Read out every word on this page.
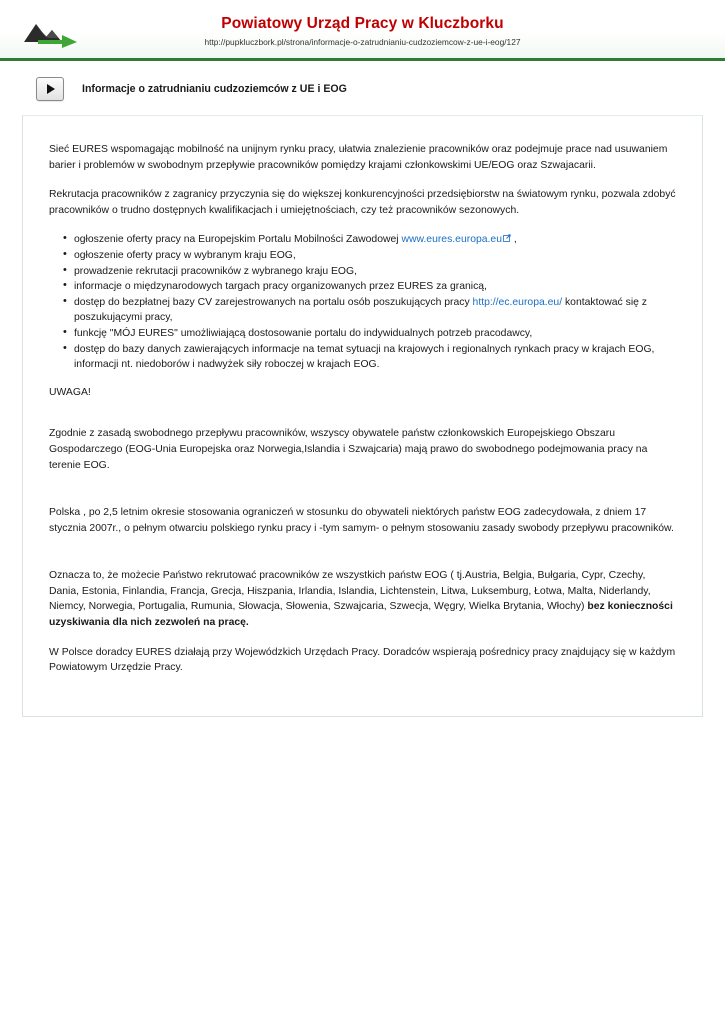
Powiatowy Urząd Pracy w Kluczborku
http://pupkluczbork.pl/strona/informacje-o-zatrudnianiu-cudzoziemcow-z-ue-i-eog/127
Informacje o zatrudnianiu cudzoziemców z UE i EOG

Sieć EURES wspomagając mobilność na unijnym rynku pracy, ułatwia znalezienie pracowników oraz podejmuje prace nad usuwaniem barier i problemów w swobodnym przepływie pracowników pomiędzy krajami członkowskimi UE/EOG oraz Szwajacarii.

Rekrutacja pracowników z zagranicy przyczynia się do większej konkurencyjności przedsiębiorstw na światowym rynku, pozwala zdobyć pracowników o trudno dostępnych kwalifikacjach i umiejętnościach, czy też pracowników sezonowych.

• ogłoszenie oferty pracy na Europejskim Portalu Mobilności Zawodowej www.eures.europa.eu ,
• ogłoszenie oferty pracy w wybranym kraju EOG,
• prowadzenie rekrutacji pracowników z wybranego kraju EOG,
• informacje o międzynarodowych targach pracy organizowanych przez EURES za granicą,
• dostęp do bezpłatnej bazy CV zarejestrowanych na portalu osób poszukujących pracy http://ec.europa.eu/ kontaktować się z poszukującymi pracy,
• funkcję "MÓJ EURES" umożliwiającą dostosowanie portalu do indywidualnych potrzeb pracodawcy,
• dostęp do bazy danych zawierających informacje na temat sytuacji na krajowych i regionalnych rynkach pracy w krajach EOG, informacji nt. niedoborów i nadwyżek siły roboczej w krajach EOG.

UWAGA!

Zgodnie z zasadą swobodnego przepływu pracowników, wszyscy obywatele państw członkowskich Europejskiego Obszaru Gospodarczego (EOG-Unia Europejska oraz Norwegia,Islandia i Szwajcaria) mają prawo do swobodnego podejmowania pracy na terenie EOG.

Polska , po 2,5 letnim okresie stosowania ograniczeń w stosunku do obywateli niektórych państw EOG zadecydowała, z dniem 17 stycznia 2007r., o pełnym otwarciu polskiego rynku pracy i -tym samym- o pełnym stosowaniu zasady swobody przepływu pracowników.

Oznacza to, że możecie Państwo rekrutować pracowników ze wszystkich państw EOG ( tj.Austria, Belgia, Bułgaria, Cypr, Czechy, Dania, Estonia, Finlandia, Francja, Grecja, Hiszpania, Irlandia, Islandia, Lichtenstein, Litwa, Luksemburg, Łotwa, Malta, Niderlandy, Niemcy, Norwegia, Portugalia, Rumunia, Słowacja, Słowenia, Szwajcaria, Szwecja, Węgry, Wielka Brytania, Włochy) bez konieczności uzyskiwania dla nich zezwoleń na pracę.

W Polsce doradcy EURES działają przy Wojewódzkich Urzędach Pracy. Doradców wspierają pośrednicy pracy znajdujący się w każdym Powiatowym Urzędzie Pracy.
